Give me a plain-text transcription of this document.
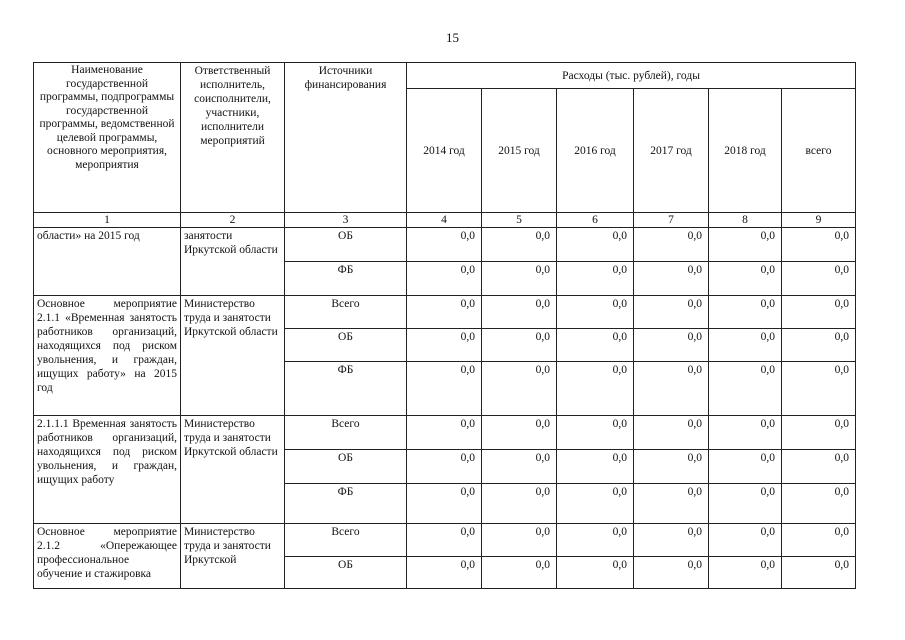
15
Наименование государственной программы, подпрограммы государственной программы, ведомственной целевой программы, основного мероприятия, мероприятия	Ответственный исполнитель, соисполнители, участники, исполнители мероприятий	Источники финансирования	Расходы (тыс. рублей), годы					
			2014 год	2015 год	2016 год	2017 год	2018 год	всего
1	2	3	4	5	6	7	8	9
области» на 2015 год	занятости Иркутской области	ОБ	0,0	0,0	0,0	0,0	0,0	0,0
		ФБ	0,0	0,0	0,0	0,0	0,0	0,0
Основное мероприятие 2.1.1 «Временная занятость работников организаций, находящихся под риском увольнения, и граждан, ищущих работу» на 2015 год	Министерство труда и занятости Иркутской области	Всего	0,0	0,0	0,0	0,0	0,0	0,0
		ОБ	0,0	0,0	0,0	0,0	0,0	0,0
		ФБ	0,0	0,0	0,0	0,0	0,0	0,0
2.1.1.1 Временная занятость работников организаций, находящихся под риском увольнения, и граждан, ищущих работу	Министерство труда и занятости Иркутской области	Всего	0,0	0,0	0,0	0,0	0,0	0,0
		ОБ	0,0	0,0	0,0	0,0	0,0	0,0
		ФБ	0,0	0,0	0,0	0,0	0,0	0,0
Основное мероприятие 2.1.2 «Опережающее профессиональное обучение и стажировка	Министерство труда и занятости Иркутской	Всего	0,0	0,0	0,0	0,0	0,0	0,0
		ОБ	0,0	0,0	0,0	0,0	0,0	0,0
